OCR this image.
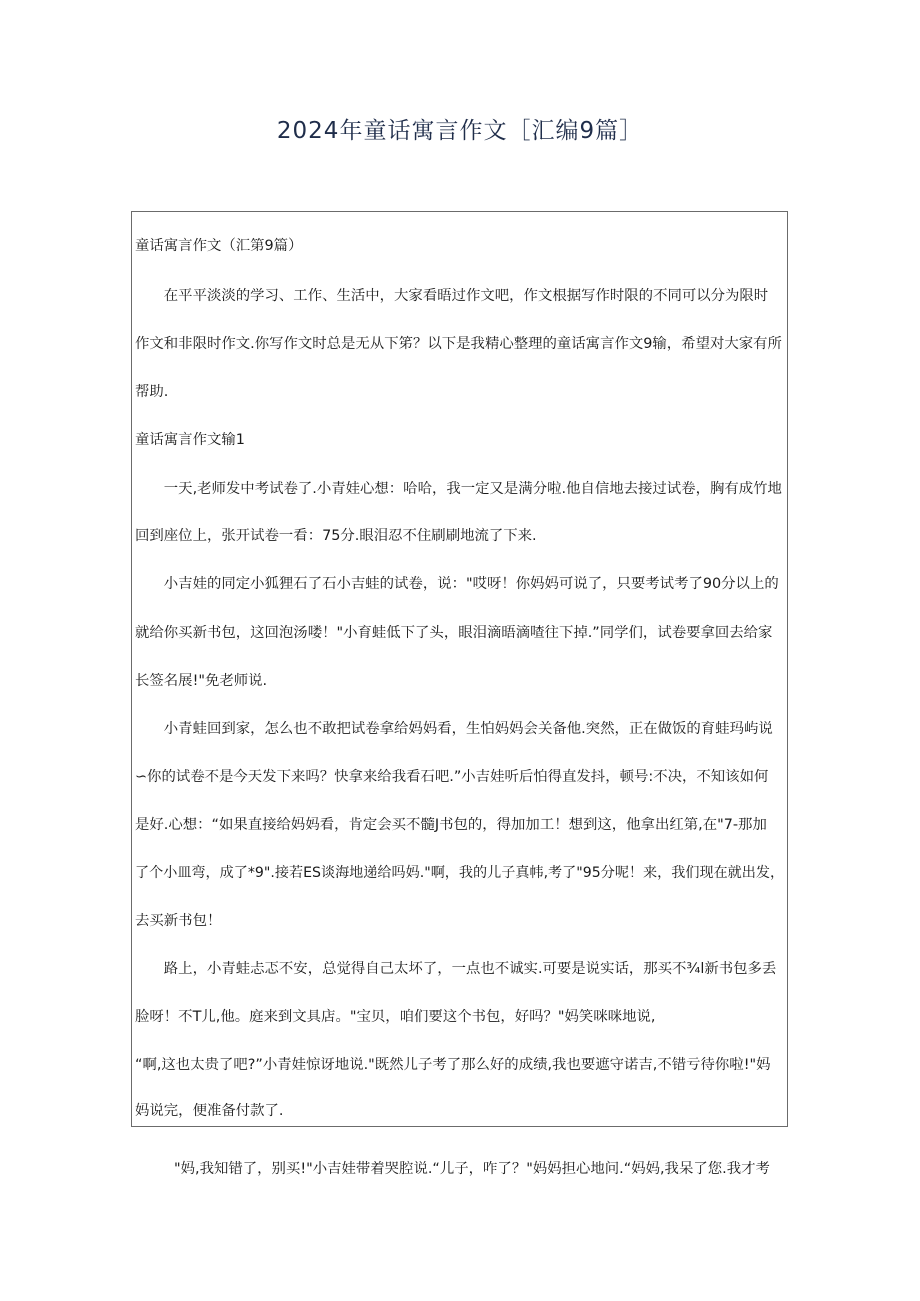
2024年童话寓言作文［汇编9篇］

童话寓言作文（汇第9篇）

　　在平平淡淡的学习、工作、生活中，大家看晤过作文吧，作文根据写作时限的不同可以分为限时

作文和非限时作文.你写作文时总是无从下笫？以下是我精心整理的童话寓言作文9输，希望对大家有所

帮助.

童话寓言作文输1

　　一天,老师发中考试卷了.小青娃心想：哈哈，我一定又是满分啦.他自信地去接过试卷，胸有成竹地

回到座位上，张开试卷一看：75分.眼泪忍不住刷刷地流了下来.

　　小吉娃的同定小狐狸石了石小吉蛙的试卷，说："哎呀！你妈妈可说了，只要考试考了90分以上的

就给你买新书包，这回泡汤喽！"小育蛙低下了头，眼泪滴晤滴喳往下掉.”同学们，试卷要拿回去给家

长签名展!"免老师说.

　　小青蛙回到家，怎么也不敢把试卷拿给妈妈看，生怕妈妈会关备他.突然，正在做饭的育蛙玛屿说

∽你的试卷不是今天发下来吗？快拿来给我看石吧.”小吉娃听后怕得直发抖，顿号:不决，不知该如何

是好.心想：“如果直接给妈妈看，肯定会买不髓J书包的，得加加工！想到这，他拿出红第,在"7-那加

了个小皿弯，成了*9".接若ES谈海地递给吗妈."啊，我的儿子真帏,考了"95分呢！来，我们现在就出发，

去买新书包！

　　路上，小青蛙忐忑不安，总觉得自己太坏了，一点也不诚实.可要是说实话，那买不¾l新书包多丢

脸呀！不T儿,他。庭来到文具店。"宝贝，咱们要这个书包，好吗？"妈笑咪咪地说,

“啊,这也太贵了吧?”小青娃惊讶地说."既然儿子考了那么好的成绩,我也要遮守诺吉,不错亏待你啦!"妈

妈说完，便准备付款了.

"妈,我知错了，别买!"小吉娃带着哭腔说.“儿子，咋了？"妈妈担心地问.“妈妈,我呆了您.我才考
